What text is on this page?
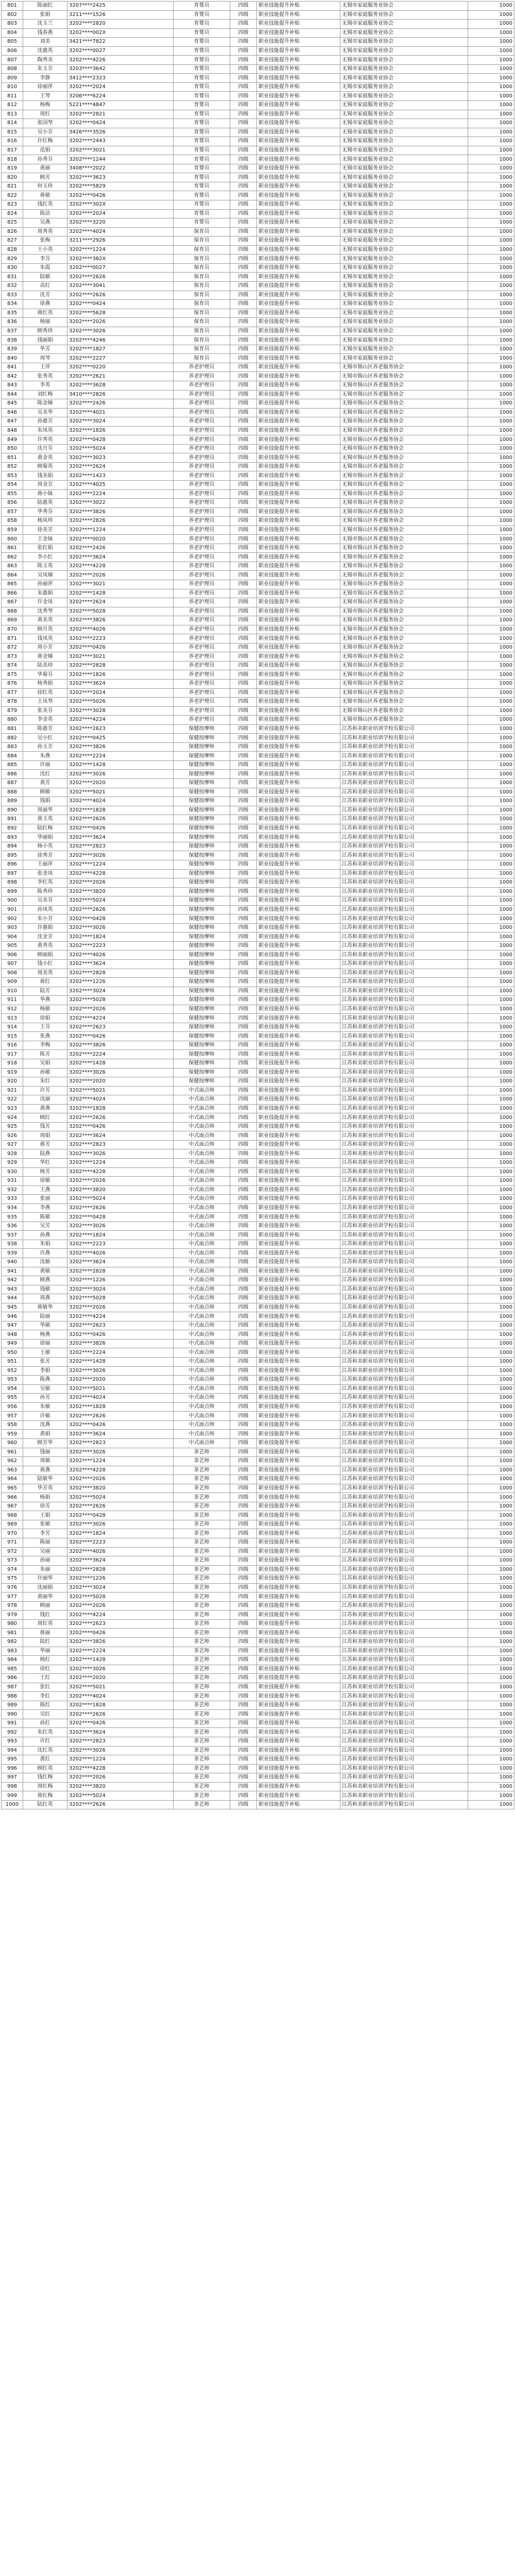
801	陈丽红	3207****2425	育婴员	四级	职业技能提升补贴	无锡市家庭服务业协会	1000
802	张娟	3211****1526	育婴员	四级	职业技能提升补贴	无锡市家庭服务业协会	1000
803	沈玉兰	3202****2820	育婴员	四级	职业技能提升补贴	无锡市家庭服务业协会	1000
804	钱春燕	3202****002X	育婴员	四级	职业技能提升补贴	无锡市家庭服务业协会	1000
805	刘美	3421****7822	育婴员	四级	职业技能提升补贴	无锡市家庭服务业协会	1000
806	沈惠英	3202****0027	育婴员	四级	职业技能提升补贴	无锡市家庭服务业协会	1000
807	陶秀美	3202****4226	育婴员	四级	职业技能提升补贴	无锡市家庭服务业协会	1000
808	朱玉芳	3203****3642	育婴员	四级	职业技能提升补贴	无锡市家庭服务业协会	1000
809	李静	3412****2323	育婴员	四级	职业技能提升补贴	无锡市家庭服务业协会	1000
810	徐丽萍	3202****2024	育婴员	四级	职业技能提升补贴	无锡市家庭服务业协会	1000
811	王琴	3206****6224	育婴员	四级	职业技能提升补贴	无锡市家庭服务业协会	1000
812	杨梅	5221****4847	育婴员	四级	职业技能提升补贴	无锡市家庭服务业协会	1000
813	周红	3202****2821	育婴员	四级	职业技能提升补贴	无锡市家庭服务业协会	1000
814	张国琴	3202****0424	育婴员	四级	职业技能提升补贴	无锡市家庭服务业协会	1000
815	吴小芳	3426****3526	育婴员	四级	职业技能提升补贴	无锡市家庭服务业协会	1000
816	许红梅	3202****2443	育婴员	四级	职业技能提升补贴	无锡市家庭服务业协会	1000
817	范娟	3202****3021	育婴员	四级	职业技能提升补贴	无锡市家庭服务业协会	1000
818	孙秀芬	3202****1244	育婴员	四级	职业技能提升补贴	无锡市家庭服务业协会	1000
819	黄丽	3408****2022	育婴员	四级	职业技能提升补贴	无锡市家庭服务业协会	1000
820	顾芳	3202****3623	育婴员	四级	职业技能提升补贴	无锡市家庭服务业协会	1000
821	何玉珍	3202****5829	育婴员	四级	职业技能提升补贴	无锡市家庭服务业协会	1000
822	蒋敏	3202****0426	育婴员	四级	职业技能提升补贴	无锡市家庭服务业协会	1000
823	钱红英	3202****302X	育婴员	四级	职业技能提升补贴	无锡市家庭服务业协会	1000
824	陈洁	3202****2024	育婴员	四级	职业技能提升补贴	无锡市家庭服务业协会	1000
825	吴燕	3202****3220	育婴员	四级	职业技能提升补贴	无锡市家庭服务业协会	1000
826	周秀英	3202****4024	保育员	四级	职业技能提升补贴	无锡市家庭服务业协会	1000
827	张梅	3211****2926	保育员	四级	职业技能提升补贴	无锡市家庭服务业协会	1000
828	王小英	3202****1224	保育员	四级	职业技能提升补贴	无锡市家庭服务业协会	1000
829	李芬	3202****382X	保育员	四级	职业技能提升补贴	无锡市家庭服务业协会	1000
830	朱霞	3202****0027	保育员	四级	职业技能提升补贴	无锡市家庭服务业协会	1000
831	陆敏	3202****2626	保育员	四级	职业技能提升补贴	无锡市家庭服务业协会	1000
832	高红	3202****3041	保育员	四级	职业技能提升补贴	无锡市家庭服务业协会	1000
833	沈芳	3202****2626	保育员	四级	职业技能提升补贴	无锡市家庭服务业协会	1000
834	徐燕	3202****0424	保育员	四级	职业技能提升补贴	无锡市家庭服务业协会	1000
835	蒋红英	3202****5628	保育员	四级	职业技能提升补贴	无锡市家庭服务业协会	1000
836	杨丽	3202****2026	保育员	四级	职业技能提升补贴	无锡市家庭服务业协会	1000
837	顾秀珍	3202****3026	保育员	四级	职业技能提升补贴	无锡市家庭服务业协会	1000
838	钱丽娟	3202****4246	保育员	四级	职业技能提升补贴	无锡市家庭服务业协会	1000
839	华芳	3202****1827	保育员	四级	职业技能提升补贴	无锡市家庭服务业协会	1000
840	周琴	3202****2227	保育员	四级	职业技能提升补贴	无锡市家庭服务业协会	1000
841	王萍	3202****0220	养老护理员	四级	职业技能提升补贴	无锡市锡山区养老服务协会	1000
842	张秀英	3202****2621	养老护理员	四级	职业技能提升补贴	无锡市锡山区养老服务协会	1000
843	李英	3202****3628	养老护理员	四级	职业技能提升补贴	无锡市锡山区养老服务协会	1000
844	刘红梅	3410****2826	养老护理员	四级	职业技能提升补贴	无锡市锡山区养老服务协会	1000
845	陈金娣	3202****2426	养老护理员	四级	职业技能提升补贴	无锡市锡山区养老服务协会	1000
846	吴美华	3202****4021	养老护理员	四级	职业技能提升补贴	无锡市锡山区养老服务协会	1000
847	孙惠芳	3202****3024	养老护理员	四级	职业技能提升补贴	无锡市锡山区养老服务协会	1000
848	朱凤英	3202****1826	养老护理员	四级	职业技能提升补贴	无锡市锡山区养老服务协会	1000
849	许秀英	3202****0428	养老护理员	四级	职业技能提升补贴	无锡市锡山区养老服务协会	1000
850	沈月芬	3202****5024	养老护理员	四级	职业技能提升补贴	无锡市锡山区养老服务协会	1000
851	黄金英	3202****3023	养老护理员	四级	职业技能提升补贴	无锡市锡山区养老服务协会	1000
852	顾菊英	3202****2624	养老护理员	四级	职业技能提升补贴	无锡市锡山区养老服务协会	1000
853	钱美娟	3202****1423	养老护理员	四级	职业技能提升补贴	无锡市锡山区养老服务协会	1000
854	周金芳	3202****4025	养老护理员	四级	职业技能提升补贴	无锡市锡山区养老服务协会	1000
855	蒋小妹	3202****2224	养老护理员	四级	职业技能提升补贴	无锡市锡山区养老服务协会	1000
856	陆惠英	3202****3022	养老护理员	四级	职业技能提升补贴	无锡市锡山区养老服务协会	1000
857	华秀芬	3202****3826	养老护理员	四级	职业技能提升补贴	无锡市锡山区养老服务协会	1000
858	杨凤珍	3202****2826	养老护理员	四级	职业技能提升补贴	无锡市锡山区养老服务协会	1000
859	徐美芳	3202****1224	养老护理员	四级	职业技能提升补贴	无锡市锡山区养老服务协会	1000
860	王金妹	3202****0020	养老护理员	四级	职业技能提升补贴	无锡市锡山区养老服务协会	1000
861	张红娟	3202****2426	养老护理员	四级	职业技能提升补贴	无锡市锡山区养老服务协会	1000
862	李小红	3202****3624	养老护理员	四级	职业技能提升补贴	无锡市锡山区养老服务协会	1000
863	陈玉英	3202****4228	养老护理员	四级	职业技能提升补贴	无锡市锡山区养老服务协会	1000
864	吴凤娣	3202****2026	养老护理员	四级	职业技能提升补贴	无锡市锡山区养老服务协会	1000
865	孙丽萍	3202****3021	养老护理员	四级	职业技能提升补贴	无锡市锡山区养老服务协会	1000
866	朱惠娟	3202****1428	养老护理员	四级	职业技能提升补贴	无锡市锡山区养老服务协会	1000
867	许金凤	3202****2624	养老护理员	四级	职业技能提升补贴	无锡市锡山区养老服务协会	1000
868	沈秀琴	3202****5028	养老护理员	四级	职业技能提升补贴	无锡市锡山区养老服务协会	1000
869	黄美英	3202****3826	养老护理员	四级	职业技能提升补贴	无锡市锡山区养老服务协会	1000
870	顾月英	3202****4026	养老护理员	四级	职业技能提升补贴	无锡市锡山区养老服务协会	1000
871	钱凤英	3202****2223	养老护理员	四级	职业技能提升补贴	无锡市锡山区养老服务协会	1000
872	周小芳	3202****0426	养老护理员	四级	职业技能提升补贴	无锡市锡山区养老服务协会	1000
873	蒋金娣	3202****3021	养老护理员	四级	职业技能提升补贴	无锡市锡山区养老服务协会	1000
874	陆美珍	3202****2828	养老护理员	四级	职业技能提升补贴	无锡市锡山区养老服务协会	1000
875	华菊芬	3202****1826	养老护理员	四级	职业技能提升补贴	无锡市锡山区养老服务协会	1000
876	杨秀娟	3202****3624	养老护理员	四级	职业技能提升补贴	无锡市锡山区养老服务协会	1000
877	徐红英	3202****2024	养老护理员	四级	职业技能提升补贴	无锡市锡山区养老服务协会	1000
878	王凤琴	3202****5026	养老护理员	四级	职业技能提升补贴	无锡市锡山区养老服务协会	1000
879	张美芬	3202****3028	养老护理员	四级	职业技能提升补贴	无锡市锡山区养老服务协会	1000
880	李金英	3202****4224	养老护理员	四级	职业技能提升补贴	无锡市锡山区养老服务协会	1000
881	陈惠芳	3202****2623	保健按摩师	四级	职业技能提升补贴	江苏和美职业培训学校有限公司	1000
882	吴小红	3202****0425	保健按摩师	四级	职业技能提升补贴	江苏和美职业培训学校有限公司	1000
883	孙玉芳	3202****3826	保健按摩师	四级	职业技能提升补贴	江苏和美职业培训学校有限公司	1000
884	朱燕	3202****2224	保健按摩师	四级	职业技能提升补贴	江苏和美职业培训学校有限公司	1000
885	许丽	3202****1428	保健按摩师	四级	职业技能提升补贴	江苏和美职业培训学校有限公司	1000
886	沈红	3202****3026	保健按摩师	四级	职业技能提升补贴	江苏和美职业培训学校有限公司	1000
887	黄芳	3202****2020	保健按摩师	四级	职业技能提升补贴	江苏和美职业培训学校有限公司	1000
888	顾敏	3202****5021	保健按摩师	四级	职业技能提升补贴	江苏和美职业培训学校有限公司	1000
889	钱娟	3202****4024	保健按摩师	四级	职业技能提升补贴	江苏和美职业培训学校有限公司	1000
890	周丽华	3202****1828	保健按摩师	四级	职业技能提升补贴	江苏和美职业培训学校有限公司	1000
891	蒋玉英	3202****2626	保健按摩师	四级	职业技能提升补贴	江苏和美职业培训学校有限公司	1000
892	陆红梅	3202****0426	保健按摩师	四级	职业技能提升补贴	江苏和美职业培训学校有限公司	1000
893	华丽娟	3202****3624	保健按摩师	四级	职业技能提升补贴	江苏和美职业培训学校有限公司	1000
894	杨小英	3202****2823	保健按摩师	四级	职业技能提升补贴	江苏和美职业培训学校有限公司	1000
895	徐秀芳	3202****3026	保健按摩师	四级	职业技能提升补贴	江苏和美职业培训学校有限公司	1000
896	王丽萍	3202****1224	保健按摩师	四级	职业技能提升补贴	江苏和美职业培训学校有限公司	1000
897	张金凤	3202****4228	保健按摩师	四级	职业技能提升补贴	江苏和美职业培训学校有限公司	1000
898	李红英	3202****2026	保健按摩师	四级	职业技能提升补贴	江苏和美职业培训学校有限公司	1000
899	陈秀珍	3202****3820	保健按摩师	四级	职业技能提升补贴	江苏和美职业培训学校有限公司	1000
900	吴美芬	3202****5024	保健按摩师	四级	职业技能提升补贴	江苏和美职业培训学校有限公司	1000
901	孙凤英	3202****2626	保健按摩师	四级	职业技能提升补贴	江苏和美职业培训学校有限公司	1000
902	朱小芳	3202****0428	保健按摩师	四级	职业技能提升补贴	江苏和美职业培训学校有限公司	1000
903	许惠娟	3202****3026	保健按摩师	四级	职业技能提升补贴	江苏和美职业培训学校有限公司	1000
904	沈金芳	3202****1824	保健按摩师	四级	职业技能提升补贴	江苏和美职业培训学校有限公司	1000
905	黄秀英	3202****2223	保健按摩师	四级	职业技能提升补贴	江苏和美职业培训学校有限公司	1000
906	顾丽娟	3202****4026	保健按摩师	四级	职业技能提升补贴	江苏和美职业培训学校有限公司	1000
907	钱小红	3202****3624	保健按摩师	四级	职业技能提升补贴	江苏和美职业培训学校有限公司	1000
908	周美英	3202****2828	保健按摩师	四级	职业技能提升补贴	江苏和美职业培训学校有限公司	1000
909	蒋红	3202****1226	保健按摩师	四级	职业技能提升补贴	江苏和美职业培训学校有限公司	1000
910	陆芳	3202****3024	保健按摩师	四级	职业技能提升补贴	江苏和美职业培训学校有限公司	1000
911	华燕	3202****5028	保健按摩师	四级	职业技能提升补贴	江苏和美职业培训学校有限公司	1000
912	杨敏	3202****2026	保健按摩师	四级	职业技能提升补贴	江苏和美职业培训学校有限公司	1000
913	徐娟	3202****4224	保健按摩师	四级	职业技能提升补贴	江苏和美职业培训学校有限公司	1000
914	王芬	3202****2623	保健按摩师	四级	职业技能提升补贴	江苏和美职业培训学校有限公司	1000
915	张燕	3202****0426	保健按摩师	四级	职业技能提升补贴	江苏和美职业培训学校有限公司	1000
916	李梅	3202****3826	保健按摩师	四级	职业技能提升补贴	江苏和美职业培训学校有限公司	1000
917	陈芳	3202****2224	保健按摩师	四级	职业技能提升补贴	江苏和美职业培训学校有限公司	1000
918	吴娟	3202****1428	保健按摩师	四级	职业技能提升补贴	江苏和美职业培训学校有限公司	1000
919	孙敏	3202****3026	保健按摩师	四级	职业技能提升补贴	江苏和美职业培训学校有限公司	1000
920	朱红	3202****2020	保健按摩师	四级	职业技能提升补贴	江苏和美职业培训学校有限公司	1000
921	许芳	3202****5021	中式面点师	四级	职业技能提升补贴	江苏和美职业培训学校有限公司	1000
922	沈丽	3202****4024	中式面点师	四级	职业技能提升补贴	江苏和美职业培训学校有限公司	1000
923	黄燕	3202****1828	中式面点师	四级	职业技能提升补贴	江苏和美职业培训学校有限公司	1000
924	顾红	3202****2626	中式面点师	四级	职业技能提升补贴	江苏和美职业培训学校有限公司	1000
925	钱芳	3202****0426	中式面点师	四级	职业技能提升补贴	江苏和美职业培训学校有限公司	1000
926	周娟	3202****3624	中式面点师	四级	职业技能提升补贴	江苏和美职业培训学校有限公司	1000
927	蒋芳	3202****2823	中式面点师	四级	职业技能提升补贴	江苏和美职业培训学校有限公司	1000
928	陆燕	3202****3026	中式面点师	四级	职业技能提升补贴	江苏和美职业培训学校有限公司	1000
929	华红	3202****1224	中式面点师	四级	职业技能提升补贴	江苏和美职业培训学校有限公司	1000
930	杨芳	3202****4228	中式面点师	四级	职业技能提升补贴	江苏和美职业培训学校有限公司	1000
931	徐敏	3202****2026	中式面点师	四级	职业技能提升补贴	江苏和美职业培训学校有限公司	1000
932	王燕	3202****3820	中式面点师	四级	职业技能提升补贴	江苏和美职业培训学校有限公司	1000
933	张丽	3202****5024	中式面点师	四级	职业技能提升补贴	江苏和美职业培训学校有限公司	1000
934	李燕	3202****2626	中式面点师	四级	职业技能提升补贴	江苏和美职业培训学校有限公司	1000
935	陈敏	3202****0428	中式面点师	四级	职业技能提升补贴	江苏和美职业培训学校有限公司	1000
936	吴芳	3202****3026	中式面点师	四级	职业技能提升补贴	江苏和美职业培训学校有限公司	1000
937	孙燕	3202****1824	中式面点师	四级	职业技能提升补贴	江苏和美职业培训学校有限公司	1000
938	朱娟	3202****2223	中式面点师	四级	职业技能提升补贴	江苏和美职业培训学校有限公司	1000
939	许燕	3202****4026	中式面点师	四级	职业技能提升补贴	江苏和美职业培训学校有限公司	1000
940	沈敏	3202****3624	中式面点师	四级	职业技能提升补贴	江苏和美职业培训学校有限公司	1000
941	黄敏	3202****2828	中式面点师	四级	职业技能提升补贴	江苏和美职业培训学校有限公司	1000
942	顾燕	3202****1226	中式面点师	四级	职业技能提升补贴	江苏和美职业培训学校有限公司	1000
943	钱敏	3202****3024	中式面点师	四级	职业技能提升补贴	江苏和美职业培训学校有限公司	1000
944	周燕	3202****5028	中式面点师	四级	职业技能提升补贴	江苏和美职业培训学校有限公司	1000
945	蒋敏华	3202****2026	中式面点师	四级	职业技能提升补贴	江苏和美职业培训学校有限公司	1000
946	陆丽	3202****4224	中式面点师	四级	职业技能提升补贴	江苏和美职业培训学校有限公司	1000
947	华敏	3202****2623	中式面点师	四级	职业技能提升补贴	江苏和美职业培训学校有限公司	1000
948	杨燕	3202****0426	中式面点师	四级	职业技能提升补贴	江苏和美职业培训学校有限公司	1000
949	徐丽	3202****3826	中式面点师	四级	职业技能提升补贴	江苏和美职业培训学校有限公司	1000
950	王敏	3202****2224	中式面点师	四级	职业技能提升补贴	江苏和美职业培训学校有限公司	1000
951	张芳	3202****1428	中式面点师	四级	职业技能提升补贴	江苏和美职业培训学校有限公司	1000
952	李娟	3202****3026	中式面点师	四级	职业技能提升补贴	江苏和美职业培训学校有限公司	1000
953	陈燕	3202****2020	中式面点师	四级	职业技能提升补贴	江苏和美职业培训学校有限公司	1000
954	吴敏	3202****5021	中式面点师	四级	职业技能提升补贴	江苏和美职业培训学校有限公司	1000
955	孙芳	3202****4024	中式面点师	四级	职业技能提升补贴	江苏和美职业培训学校有限公司	1000
956	朱敏	3202****1828	中式面点师	四级	职业技能提升补贴	江苏和美职业培训学校有限公司	1000
957	许敏	3202****2626	中式面点师	四级	职业技能提升补贴	江苏和美职业培训学校有限公司	1000
958	沈燕	3202****0426	中式面点师	四级	职业技能提升补贴	江苏和美职业培训学校有限公司	1000
959	黄娟	3202****3624	中式面点师	四级	职业技能提升补贴	江苏和美职业培训学校有限公司	1000
960	顾芳华	3202****2823	中式面点师	四级	职业技能提升补贴	江苏和美职业培训学校有限公司	1000
961	钱丽	3202****3026	茶艺师	四级	职业技能提升补贴	江苏和美职业培训学校有限公司	1000
962	周敏	3202****1224	茶艺师	四级	职业技能提升补贴	江苏和美职业培训学校有限公司	1000
963	蒋燕	3202****4228	茶艺师	四级	职业技能提升补贴	江苏和美职业培训学校有限公司	1000
964	陆敏华	3202****2026	茶艺师	四级	职业技能提升补贴	江苏和美职业培训学校有限公司	1000
965	华芳英	3202****3820	茶艺师	四级	职业技能提升补贴	江苏和美职业培训学校有限公司	1000
966	杨娟	3202****5024	茶艺师	四级	职业技能提升补贴	江苏和美职业培训学校有限公司	1000
967	徐芳	3202****2626	茶艺师	四级	职业技能提升补贴	江苏和美职业培训学校有限公司	1000
968	王娟	3202****0428	茶艺师	四级	职业技能提升补贴	江苏和美职业培训学校有限公司	1000
969	张敏	3202****3026	茶艺师	四级	职业技能提升补贴	江苏和美职业培训学校有限公司	1000
970	李芳	3202****1824	茶艺师	四级	职业技能提升补贴	江苏和美职业培训学校有限公司	1000
971	陈丽	3202****2223	茶艺师	四级	职业技能提升补贴	江苏和美职业培训学校有限公司	1000
972	吴丽	3202****4026	茶艺师	四级	职业技能提升补贴	江苏和美职业培训学校有限公司	1000
973	孙丽	3202****3624	茶艺师	四级	职业技能提升补贴	江苏和美职业培训学校有限公司	1000
974	朱丽	3202****2828	茶艺师	四级	职业技能提升补贴	江苏和美职业培训学校有限公司	1000
975	许丽华	3202****1226	茶艺师	四级	职业技能提升补贴	江苏和美职业培训学校有限公司	1000
976	沈丽娟	3202****3024	茶艺师	四级	职业技能提升补贴	江苏和美职业培训学校有限公司	1000
977	黄丽华	3202****5028	茶艺师	四级	职业技能提升补贴	江苏和美职业培训学校有限公司	1000
978	顾丽	3202****2026	茶艺师	四级	职业技能提升补贴	江苏和美职业培训学校有限公司	1000
979	钱红	3202****4224	茶艺师	四级	职业技能提升补贴	江苏和美职业培训学校有限公司	1000
980	周红英	3202****2623	茶艺师	四级	职业技能提升补贴	江苏和美职业培训学校有限公司	1000
981	蒋丽	3202****0426	茶艺师	四级	职业技能提升补贴	江苏和美职业培训学校有限公司	1000
982	陆红	3202****3826	茶艺师	四级	职业技能提升补贴	江苏和美职业培训学校有限公司	1000
983	华丽	3202****2224	茶艺师	四级	职业技能提升补贴	江苏和美职业培训学校有限公司	1000
984	杨红	3202****1428	茶艺师	四级	职业技能提升补贴	江苏和美职业培训学校有限公司	1000
985	徐红	3202****3026	茶艺师	四级	职业技能提升补贴	江苏和美职业培训学校有限公司	1000
986	王红	3202****2020	茶艺师	四级	职业技能提升补贴	江苏和美职业培训学校有限公司	1000
987	张红	3202****5021	茶艺师	四级	职业技能提升补贴	江苏和美职业培训学校有限公司	1000
988	李红	3202****4024	茶艺师	四级	职业技能提升补贴	江苏和美职业培训学校有限公司	1000
989	陈红	3202****1828	茶艺师	四级	职业技能提升补贴	江苏和美职业培训学校有限公司	1000
990	吴红	3202****2626	茶艺师	四级	职业技能提升补贴	江苏和美职业培训学校有限公司	1000
991	孙红	3202****0426	茶艺师	四级	职业技能提升补贴	江苏和美职业培训学校有限公司	1000
992	朱红英	3202****3624	茶艺师	四级	职业技能提升补贴	江苏和美职业培训学校有限公司	1000
993	许红	3202****2823	茶艺师	四级	职业技能提升补贴	江苏和美职业培训学校有限公司	1000
994	沈红英	3202****3026	茶艺师	四级	职业技能提升补贴	江苏和美职业培训学校有限公司	1000
995	黄红	3202****1224	茶艺师	四级	职业技能提升补贴	江苏和美职业培训学校有限公司	1000
996	顾红英	3202****4228	茶艺师	四级	职业技能提升补贴	江苏和美职业培训学校有限公司	1000
997	钱红梅	3202****2026	茶艺师	四级	职业技能提升补贴	江苏和美职业培训学校有限公司	1000
998	周红梅	3202****3820	茶艺师	四级	职业技能提升补贴	江苏和美职业培训学校有限公司	1000
999	蒋红梅	3202****5024	茶艺师	四级	职业技能提升补贴	江苏和美职业培训学校有限公司	1000
1000	陆红英	3202****2626	茶艺师	四级	职业技能提升补贴	江苏和美职业培训学校有限公司	1000
